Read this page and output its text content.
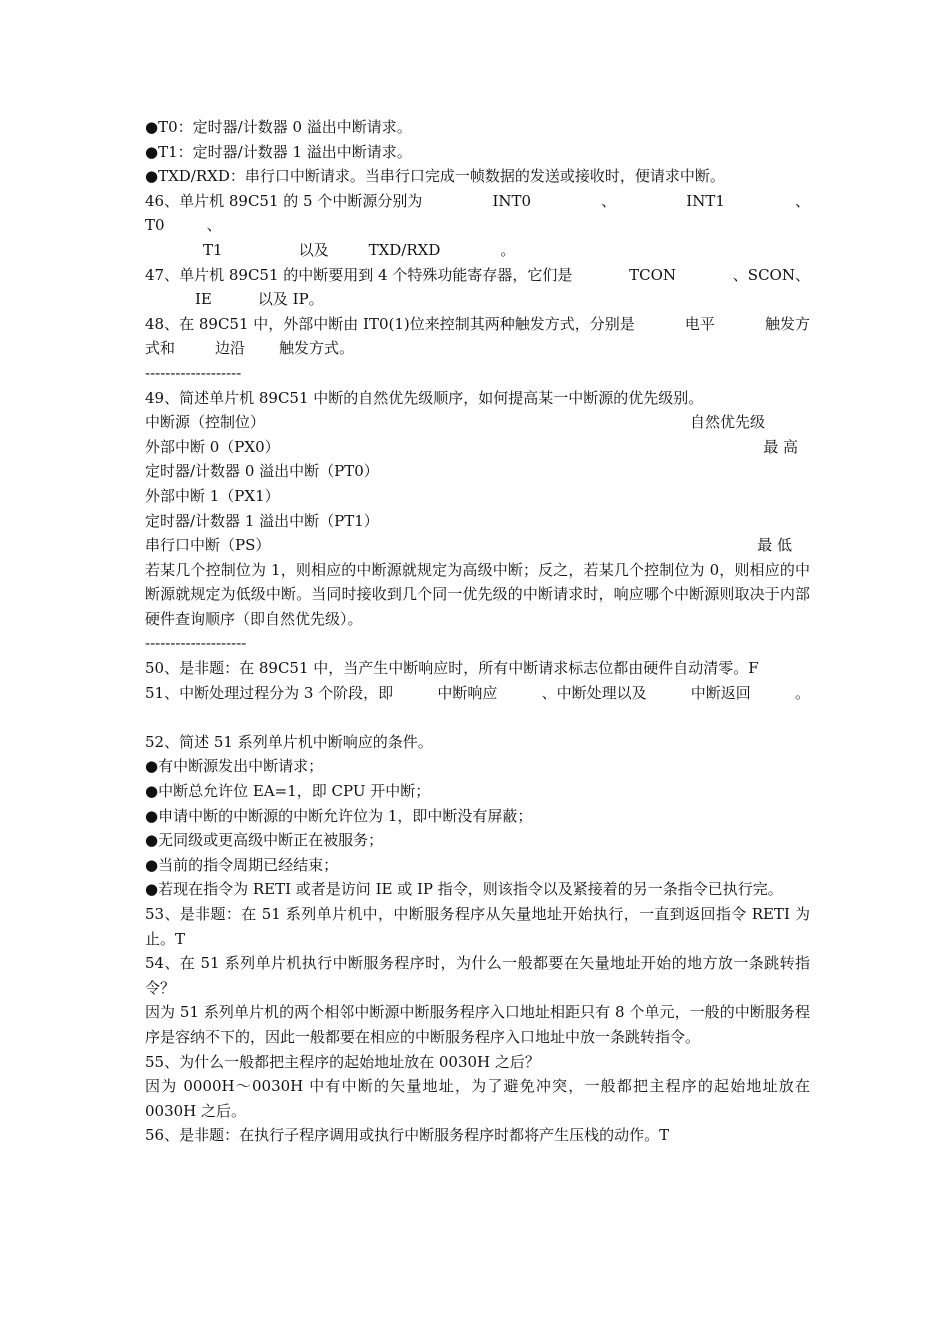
●T0：定时器/计数器 0 溢出中断请求。
●T1：定时器/计数器 1 溢出中断请求。
●TXD/RXD：串行口中断请求。当串行口完成一帧数据的发送或接收时，便请求中断。
46、单片机 89C51 的 5 个中断源分别为	INT0	、	INT1	、
T0	、
T1	以及	TXD/RXD	。
47、单片机 89C51 的中断要用到 4 个特殊功能寄存器，它们是	TCON	、SCON、
IE	以及 IP。
48、在 89C51 中，外部中断由 IT0(1)位来控制其两种触发方式，分别是	电平	触发方
式和	边沿 触发方式。
-------------------
49、简述单片机 89C51 中断的自然优先级顺序，如何提高某一中断源的优先级别。
中断源（控制位）	自然优先级
外部中断 0（PX0）	最 高
定时器/计数器 0 溢出中断（PT0）
外部中断 1（PX1）
定时器/计数器 1 溢出中断（PT1）
串行口中断（PS）	最 低
若某几个控制位为 1，则相应的中断源就规定为高级中断；反之，若某几个控制位为 0，则相应的中断源就规定为低级中断。当同时接收到几个同一优先级的中断请求时，响应哪个中断源则取决于内部硬件查询顺序（即自然优先级）。
--------------------
50、是非题：在 89C51 中，当产生中断响应时，所有中断请求标志位都由硬件自动清零。F
51、中断处理过程分为 3 个阶段，即	中断响应	、中断处理以及	中断返回	。
52、简述 51 系列单片机中断响应的条件。
●有中断源发出中断请求；
●中断总允许位 EA=1，即 CPU 开中断；
●申请中断的中断源的中断允许位为 1，即中断没有屏蔽；
●无同级或更高级中断正在被服务；
●当前的指令周期已经结束；
●若现在指令为 RETI 或者是访问 IE 或 IP 指令，则该指令以及紧接着的另一条指令已执行完。
53、是非题：在 51 系列单片机中，中断服务程序从矢量地址开始执行，一直到返回指令 RETI 为止。T
54、在 51 系列单片机执行中断服务程序时，为什么一般都要在矢量地址开始的地方放一条跳转指令？
因为 51 系列单片机的两个相邻中断源中断服务程序入口地址相距只有 8 个单元，一般的中断服务程序是容纳不下的，因此一般都要在相应的中断服务程序入口地址中放一条跳转指令。
55、为什么一般都把主程序的起始地址放在 0030H 之后？
因为 0000H～0030H 中有中断的矢量地址，为了避免冲突，一般都把主程序的起始地址放在 0030H 之后。
56、是非题：在执行子程序调用或执行中断服务程序时都将产生压栈的动作。T
